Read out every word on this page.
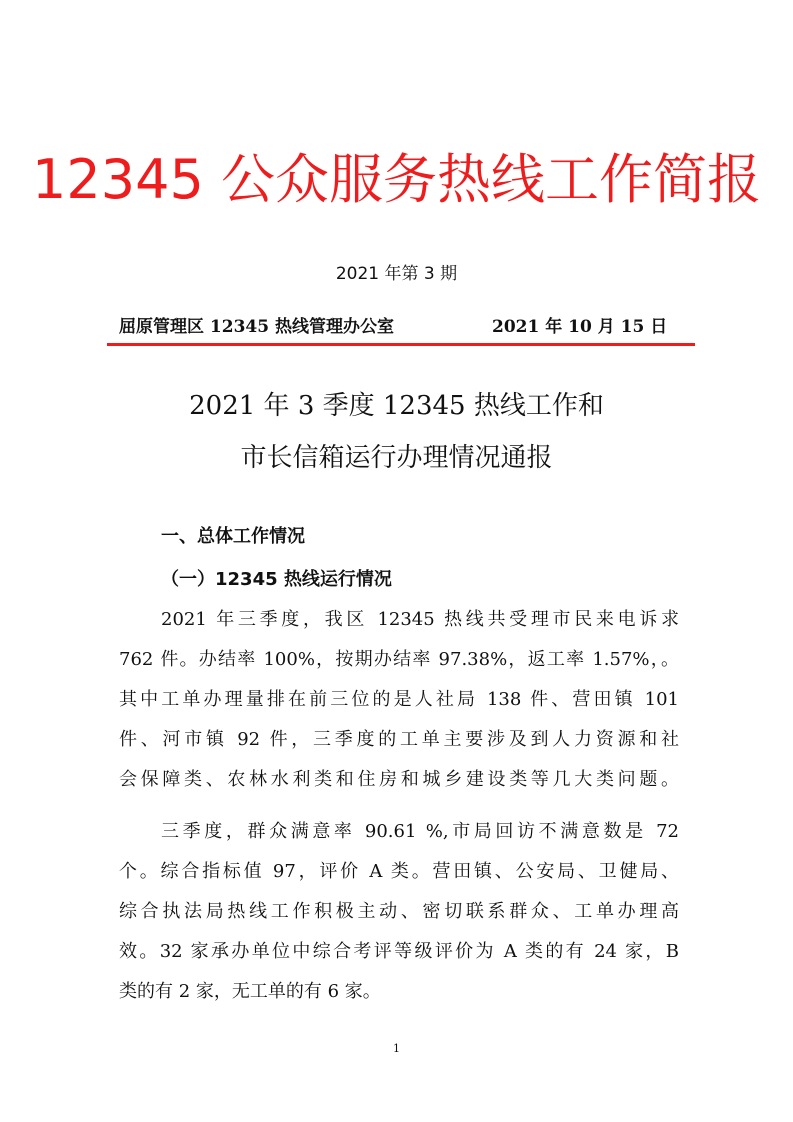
12345 公众服务热线工作简报
2021 年第 3 期
屈原管理区 12345 热线管理办公室	2021 年 10 月 15 日
2021 年 3 季度 12345 热线工作和
市长信箱运行办理情况通报
一、总体工作情况
（一）12345 热线运行情况
2021 年三季度，我区 12345 热线共受理市民来电诉求
762 件。办结率 100%，按期办结率 97.38%，返工率 1.57%，。
其中工单办理量排在前三位的是人社局 138 件、营田镇 101
件、河市镇 92 件，三季度的工单主要涉及到人力资源和社
会保障类、农林水利类和住房和城乡建设类等几大类问题。
三季度，群众满意率 90.61 %,市局回访不满意数是 72
个。综合指标值 97，评价 A 类。营田镇、公安局、卫健局、
综合执法局热线工作积极主动、密切联系群众、工单办理高
效。32 家承办单位中综合考评等级评价为 A 类的有 24 家，B
类的有 2 家，无工单的有 6 家。
1
